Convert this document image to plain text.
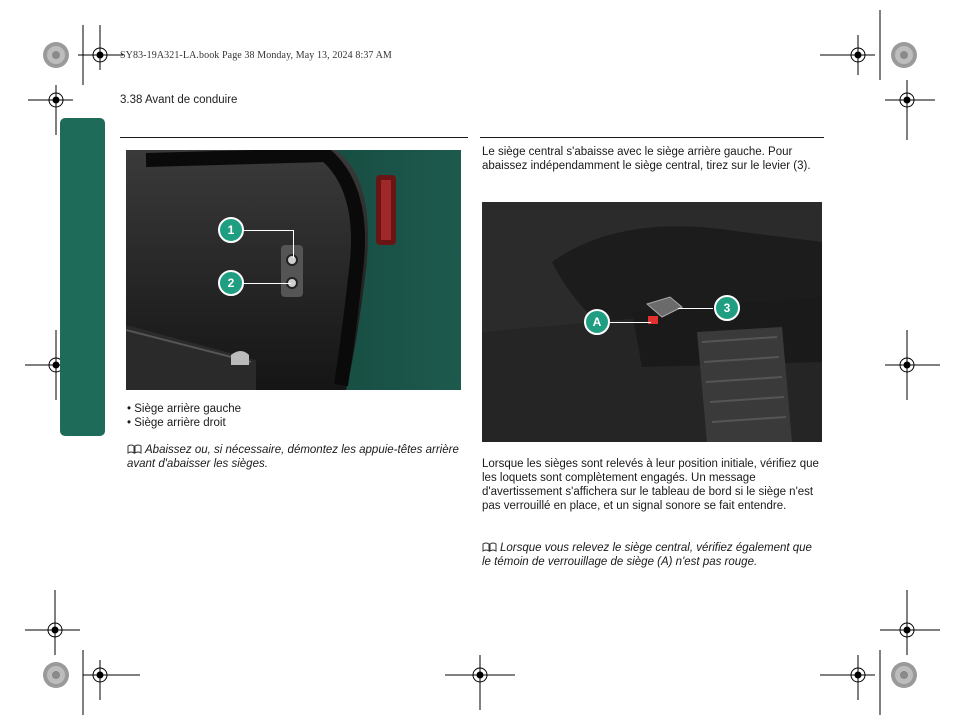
SY83-19A321-LA.book Page 38 Monday, May 13, 2024 8:37 AM
3.38 Avant de conduire
1
2
• Siège arrière gauche
• Siège arrière droit
Abaissez ou, si nécessaire, démontez les appuie-têtes arrière avant d'abaisser les sièges.
Le siège central s'abaisse avec le siège arrière gauche. Pour abaissez indépendamment le siège central, tirez sur le levier (3).
A
3
Lorsque les sièges sont relevés à leur position initiale, vérifiez que les loquets sont complètement engagés. Un message d'avertissement s'affichera sur le tableau de bord si le siège n'est pas verrouillé en place, et un signal sonore se fait entendre.
Lorsque vous relevez le siège central, vérifiez également que le témoin de verrouillage de siège (A) n'est pas rouge.
